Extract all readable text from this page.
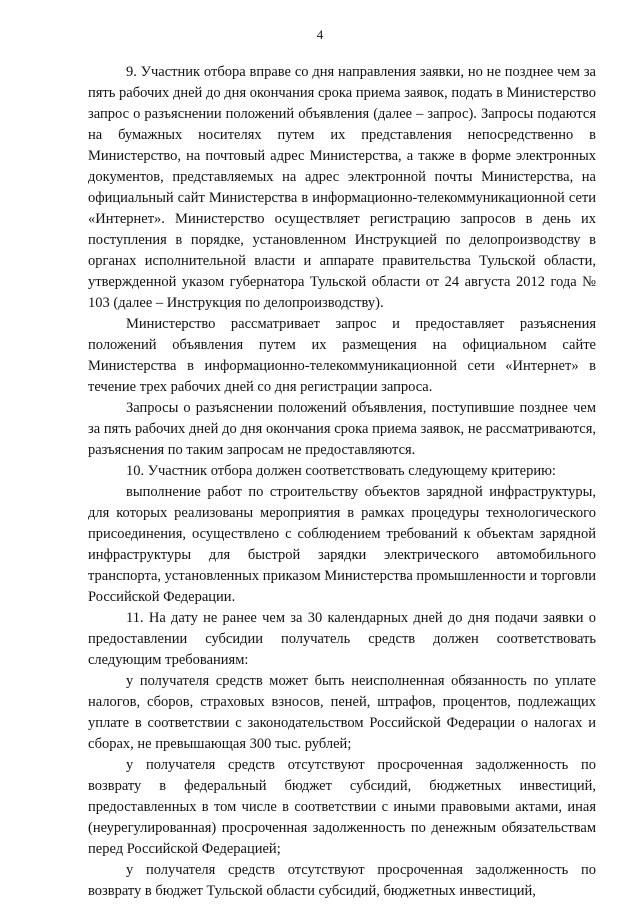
4

9. Участник отбора вправе со дня направления заявки, но не позднее чем за пять рабочих дней до дня окончания срока приема заявок, подать в Министерство запрос о разъяснении положений объявления (далее – запрос). Запросы подаются на бумажных носителях путем их представления непосредственно в Министерство, на почтовый адрес Министерства, а также в форме электронных документов, представляемых на адрес электронной почты Министерства, на официальный сайт Министерства в информационно-телекоммуникационной сети «Интернет». Министерство осуществляет регистрацию запросов в день их поступления в порядке, установленном Инструкцией по делопроизводству в органах исполнительной власти и аппарате правительства Тульской области, утвержденной указом губернатора Тульской области от 24 августа 2012 года № 103 (далее – Инструкция по делопроизводству).

Министерство рассматривает запрос и предоставляет разъяснения положений объявления путем их размещения на официальном сайте Министерства в информационно-телекоммуникационной сети «Интернет» в течение трех рабочих дней со дня регистрации запроса.

Запросы о разъяснении положений объявления, поступившие позднее чем за пять рабочих дней до дня окончания срока приема заявок, не рассматриваются, разъяснения по таким запросам не предоставляются.

10. Участник отбора должен соответствовать следующему критерию:

выполнение работ по строительству объектов зарядной инфраструктуры, для которых реализованы мероприятия в рамках процедуры технологического присоединения, осуществлено с соблюдением требований к объектам зарядной инфраструктуры для быстрой зарядки электрического автомобильного транспорта, установленных приказом Министерства промышленности и торговли Российской Федерации.

11. На дату не ранее чем за 30 календарных дней до дня подачи заявки о предоставлении субсидии получатель средств должен соответствовать следующим требованиям:

у получателя средств может быть неисполненная обязанность по уплате налогов, сборов, страховых взносов, пеней, штрафов, процентов, подлежащих уплате в соответствии с законодательством Российской Федерации о налогах и сборах, не превышающая 300 тыс. рублей;

у получателя средств отсутствуют просроченная задолженность по возврату в федеральный бюджет субсидий, бюджетных инвестиций, предоставленных в том числе в соответствии с иными правовыми актами, иная (неурегулированная) просроченная задолженность по денежным обязательствам перед Российской Федерацией;

у получателя средств отсутствуют просроченная задолженность по возврату в бюджет Тульской области субсидий, бюджетных инвестиций,
